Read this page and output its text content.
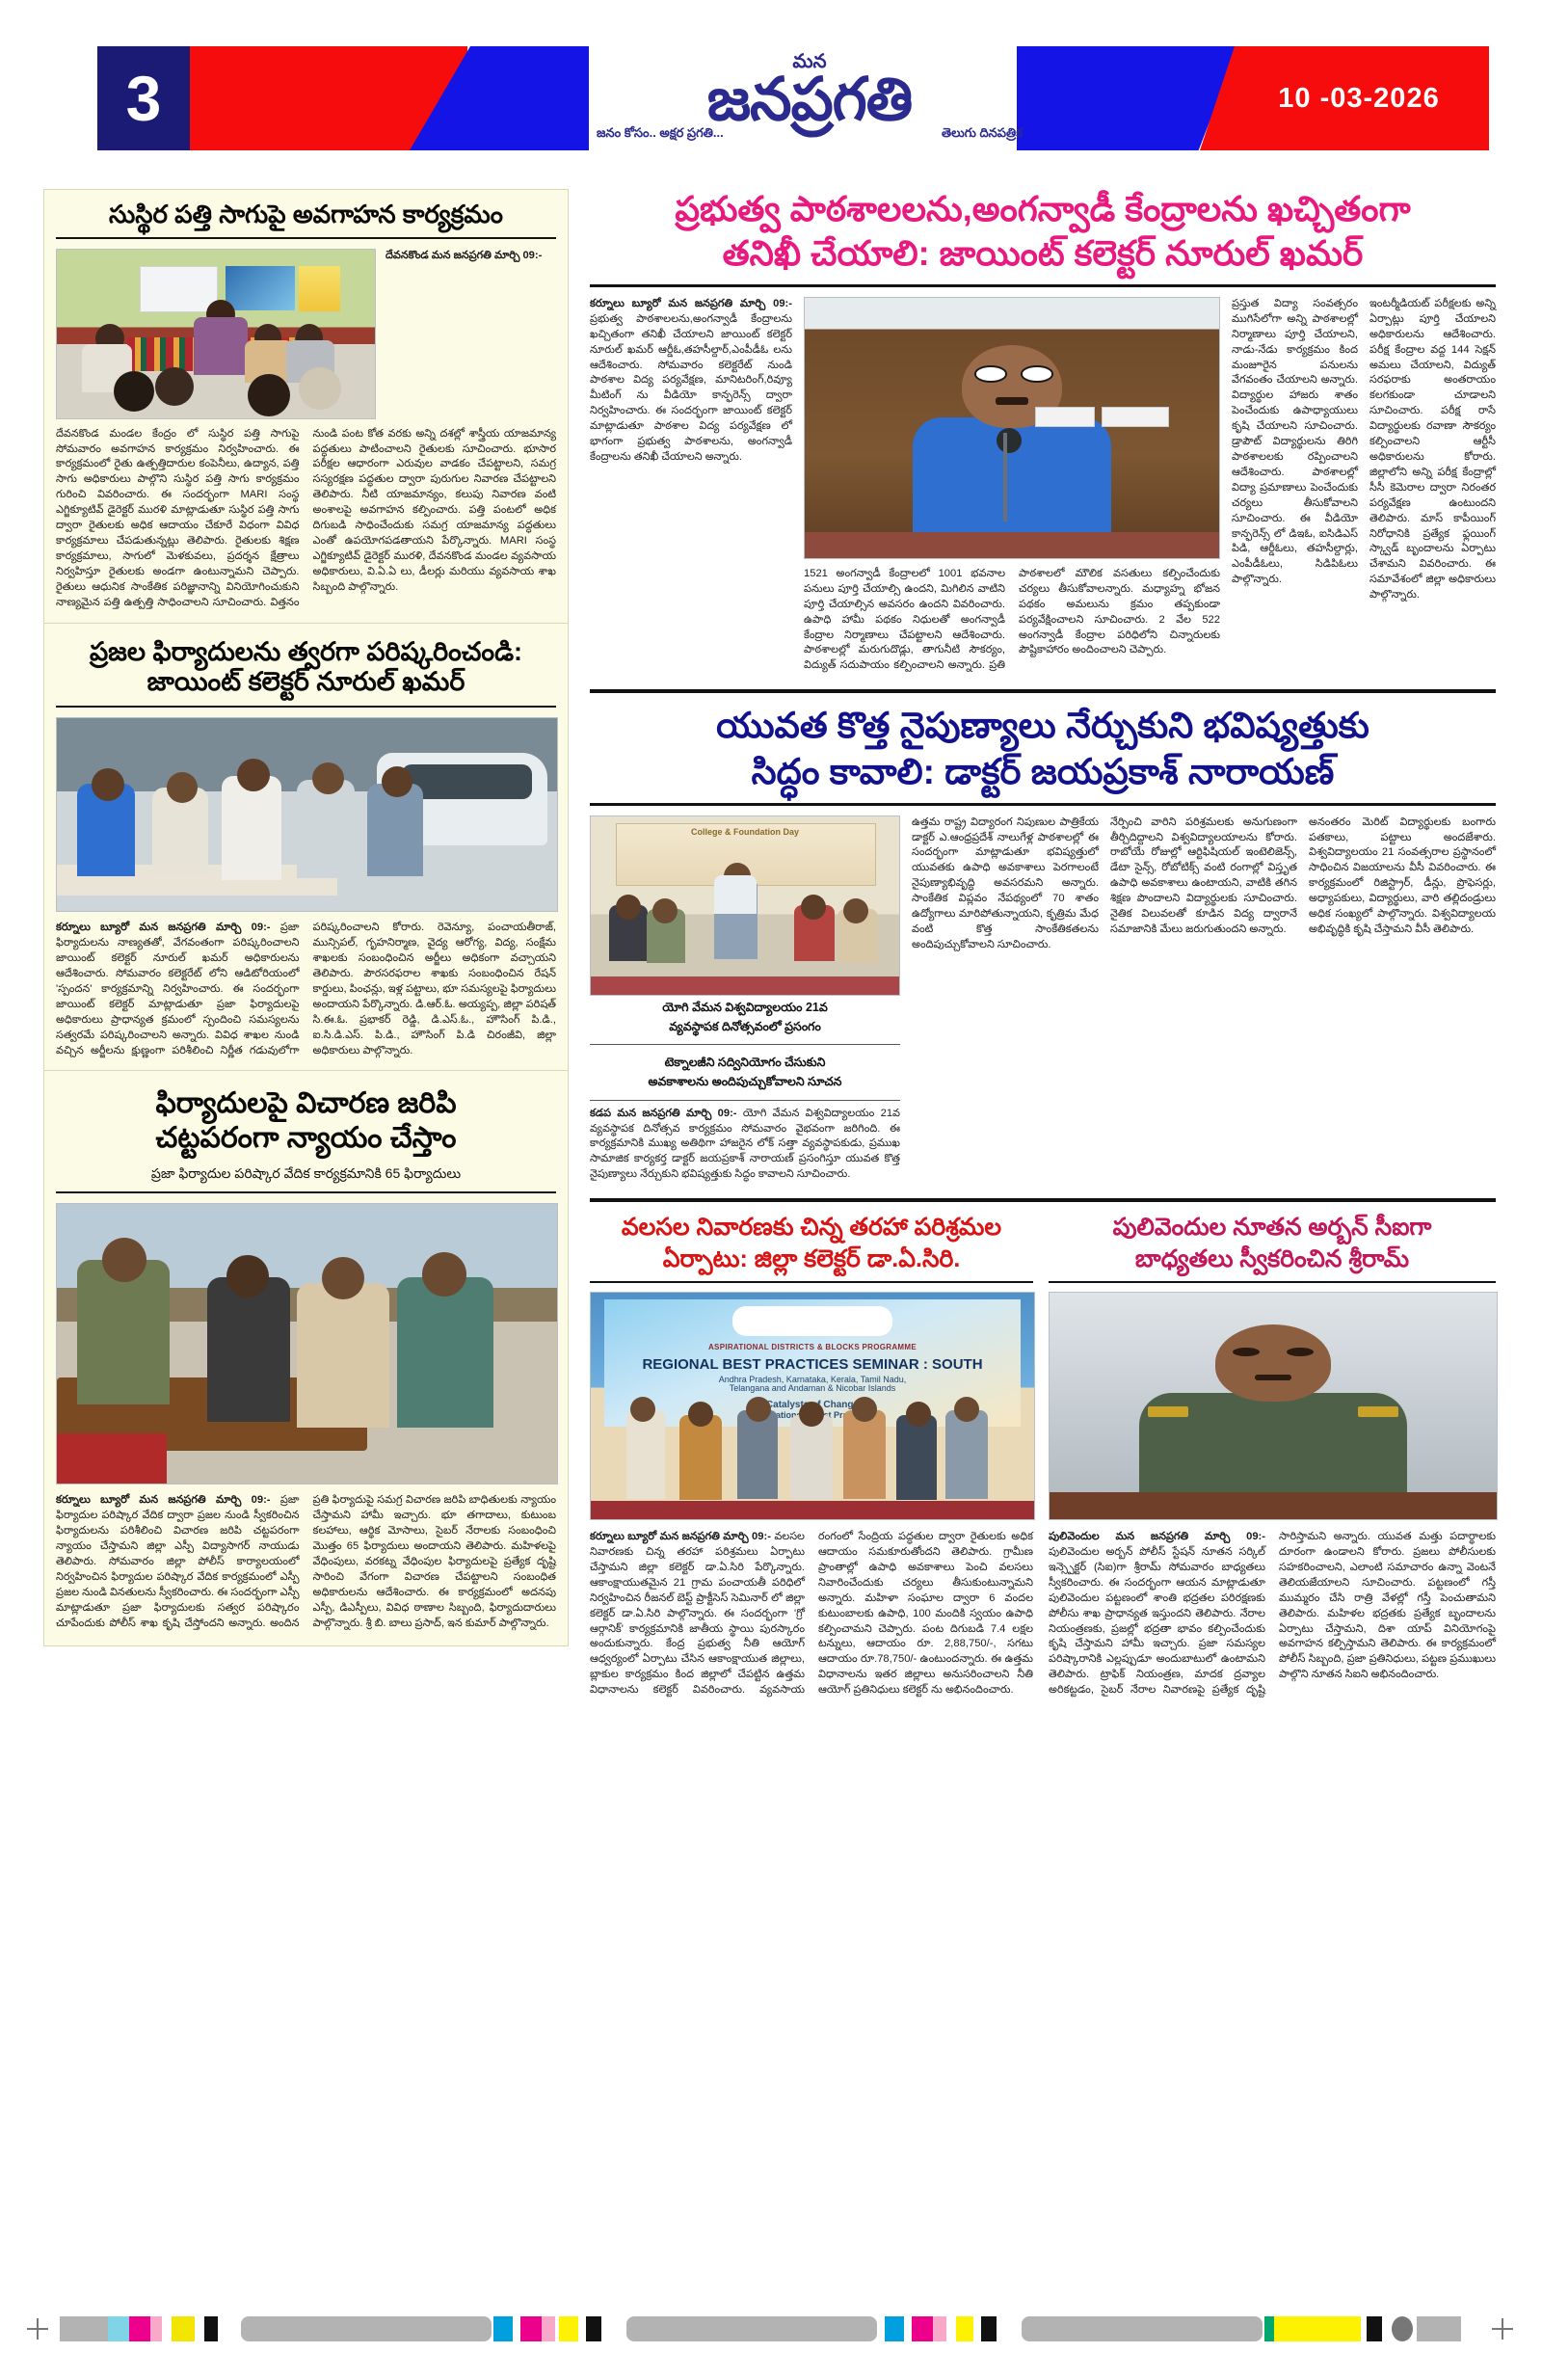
3
మన
జనప్రగతి
జనం కోసం.. అక్షర ప్రగతి...	తెలుగు దినపత్రిక
10 -03-2026
సుస్థిర పత్తి సాగుపై అవగాహన కార్యక్రమం
దేవనకొండ మన జనప్రగతి మార్చి 09:-
దేవనకొండ మండల కేంద్రం లో సుస్థిర పత్తి సాగుపై సోమవారం అవగాహన కార్యక్రమం నిర్వహించారు. ఈ కార్యక్రమంలో రైతు ఉత్పత్తిదారుల కంపెనీలు, ఉద్యాన, పత్తి సాగు అధికారులు పాల్గొని సుస్థిర పత్తి సాగు కార్యక్రమం గురించి వివరించారు. ఈ సందర్భంగా MARI సంస్థ ఎగ్జిక్యూటివ్ డైరెక్టర్ మురళి మాట్లాడుతూ సుస్థిర పత్తి సాగు ద్వారా రైతులకు అధిక ఆదాయం చేకూరే విధంగా వివిధ కార్యక్రమాలు చేపడుతున్నట్లు తెలిపారు. రైతులకు శిక్షణ కార్యక్రమాలు, సాగులో మెళకువలు, ప్రదర్శన క్షేత్రాలు నిర్వహిస్తూ రైతులకు అండగా ఉంటున్నామని చెప్పారు. రైతులు ఆధునిక సాంకేతిక పరిజ్ఞానాన్ని వినియోగించుకుని నాణ్యమైన పత్తి ఉత్పత్తి సాధించాలని సూచించారు. విత్తనం నుండి పంట కోత వరకు అన్ని దశల్లో శాస్త్రీయ యాజమాన్య పద్ధతులు పాటించాలని రైతులకు సూచించారు. భూసార పరీక్షల ఆధారంగా ఎరువుల వాడకం చేపట్టాలని, సమగ్ర సస్యరక్షణ పద్ధతుల ద్వారా పురుగుల నివారణ చేపట్టాలని తెలిపారు. నీటి యాజమాన్యం, కలుపు నివారణ వంటి అంశాలపై అవగాహన కల్పించారు. పత్తి పంటలో అధిక దిగుబడి సాధించేందుకు సమగ్ర యాజమాన్య పద్ధతులు ఎంతో ఉపయోగపడతాయని పేర్కొన్నారు. MARI సంస్థ ఎగ్జిక్యూటివ్ డైరెక్టర్ మురళి, దేవనకొండ మండల వ్యవసాయ అధికారులు, వి.ఏ.ఏ లు, డీలర్లు మరియు వ్యవసాయ శాఖ సిబ్బంది పాల్గొన్నారు.
ప్రజల ఫిర్యాదులను త్వరగా పరిష్కరించండి:
జాయింట్ కలెక్టర్ నూరుల్ ఖమర్
కర్నూలు బ్యూరో మన జనప్రగతి మార్చి 09:- ప్రజా ఫిర్యాదులను నాణ్యతతో, వేగవంతంగా పరిష్కరించాలని జాయింట్ కలెక్టర్ నూరుల్ ఖమర్ అధికారులను ఆదేశించారు. సోమవారం కలెక్టరేట్ లోని ఆడిటోరియంలో 'స్పందన' కార్యక్రమాన్ని నిర్వహించారు. ఈ సందర్భంగా జాయింట్ కలెక్టర్ మాట్లాడుతూ ప్రజా ఫిర్యాదులపై అధికారులు ప్రాధాన్యత క్రమంలో స్పందించి సమస్యలను సత్వరమే పరిష్కరించాలని అన్నారు. వివిధ శాఖల నుండి వచ్చిన అర్జీలను క్షుణ్ణంగా పరిశీలించి నిర్ణీత గడువులోగా పరిష్కరించాలని కోరారు. రెవెన్యూ, పంచాయతీరాజ్, మున్సిపల్, గృహనిర్మాణ, వైద్య ఆరోగ్య, విద్య, సంక్షేమ శాఖలకు సంబంధించిన అర్జీలు అధికంగా వచ్చాయని తెలిపారు. పౌరసరఫరాల శాఖకు సంబంధించిన రేషన్ కార్డులు, పింఛన్లు, ఇళ్ల పట్టాలు, భూ సమస్యలపై ఫిర్యాదులు అందాయని పేర్కొన్నారు. డి.ఆర్.ఓ. అయ్యప్ప, జిల్లా పరిషత్ సి.ఈ.ఓ. ప్రభాకర్ రెడ్డి, డి.ఎస్.ఓ., హౌసింగ్ పి.డి., ఐ.సి.డి.ఎస్. పి.డి., హౌసింగ్ పి.డి చిరంజీవి, జిల్లా అధికారులు పాల్గొన్నారు.
ఫిర్యాదులపై విచారణ జరిపి
చట్టపరంగా న్యాయం చేస్తాం
ప్రజా ఫిర్యాదుల పరిష్కార వేదిక కార్యక్రమానికి 65 ఫిర్యాదులు
కర్నూలు బ్యూరో మన జనప్రగతి మార్చి 09:- ప్రజా ఫిర్యాదుల పరిష్కార వేదిక ద్వారా ప్రజల నుండి స్వీకరించిన ఫిర్యాదులను పరిశీలించి విచారణ జరిపి చట్టపరంగా న్యాయం చేస్తామని జిల్లా ఎస్పీ విద్యాసాగర్ నాయుడు తెలిపారు. సోమవారం జిల్లా పోలీస్ కార్యాలయంలో నిర్వహించిన ఫిర్యాదుల పరిష్కార వేదిక కార్యక్రమంలో ఎస్పీ ప్రజల నుండి వినతులను స్వీకరించారు. ఈ సందర్భంగా ఎస్పీ మాట్లాడుతూ ప్రజా ఫిర్యాదులకు సత్వర పరిష్కారం చూపేందుకు పోలీస్ శాఖ కృషి చేస్తోందని అన్నారు. అందిన ప్రతి ఫిర్యాదుపై సమగ్ర విచారణ జరిపి బాధితులకు న్యాయం చేస్తామని హామీ ఇచ్చారు. భూ తగాదాలు, కుటుంబ కలహాలు, ఆర్థిక మోసాలు, సైబర్ నేరాలకు సంబంధించి మొత్తం 65 ఫిర్యాదులు అందాయని తెలిపారు. మహిళలపై వేధింపులు, వరకట్న వేధింపుల ఫిర్యాదులపై ప్రత్యేక దృష్టి సారించి వేగంగా విచారణ చేపట్టాలని సంబంధిత అధికారులను ఆదేశించారు. ఈ కార్యక్రమంలో అదనపు ఎస్పీ, డిఎస్పీలు, వివిధ ఠాణాల సిబ్బంది, ఫిర్యాదుదారులు పాల్గొన్నారు. శ్రీ బి. బాలు ప్రసాద్, ఇన కుమార్ పాల్గొన్నారు.
ప్రభుత్వ పాఠశాలలను,అంగన్వాడీ కేంద్రాలను ఖచ్చితంగా
తనిఖీ చేయాలి: జాయింట్ కలెక్టర్ నూరుల్ ఖమర్
కర్నూలు బ్యూరో మన జనప్రగతి మార్చి 09:- ప్రభుత్వ పాఠశాలలను,అంగన్వాడీ కేంద్రాలను ఖచ్చితంగా తనిఖీ చేయాలని జాయింట్ కలెక్టర్ నూరుల్ ఖమర్ ఆర్డీఓ,తహసీల్దార్,ఎంపీడీఓ లను ఆదేశించారు. సోమవారం కలెక్టరేట్ నుండి పాఠశాల విద్య పర్యవేక్షణ, మానిటరింగ్,రివ్యూ మీటింగ్ ను వీడియో కాన్ఫరెన్స్ ద్వారా నిర్వహించారు. ఈ సందర్భంగా జాయింట్ కలెక్టర్ మాట్లాడుతూ పాఠశాల విద్య పర్యవేక్షణ లో భాగంగా ప్రభుత్వ పాఠశాలను, అంగన్వాడీ కేంద్రాలను తనిఖీ చేయాలని అన్నారు.
1521 అంగన్వాడీ కేంద్రాలలో 1001 భవనాల పనులు పూర్తి చేయాల్సి ఉందని, మిగిలిన వాటిని పూర్తి చేయాల్సిన అవసరం ఉందని వివరించారు. ఉపాధి హామీ పథకం నిధులతో అంగన్వాడీ కేంద్రాల నిర్మాణాలు చేపట్టాలని ఆదేశించారు. పాఠశాలల్లో మరుగుదొడ్లు, తాగునీటి సౌకర్యం, విద్యుత్ సదుపాయం కల్పించాలని అన్నారు. ప్రతి పాఠశాలలో మౌలిక వసతులు కల్పించేందుకు చర్యలు తీసుకోవాలన్నారు. మధ్యాహ్న భోజన పథకం అమలును క్రమం తప్పకుండా పర్యవేక్షించాలని సూచించారు. 2 వేల 522 అంగన్వాడీ కేంద్రాల పరిధిలోని చిన్నారులకు పౌష్టికాహారం అందించాలని చెప్పారు.
ప్రస్తుత విద్యా సంవత్సరం ముగిసేలోగా అన్ని పాఠశాలల్లో నిర్మాణాలు పూర్తి చేయాలని, నాడు-నేడు కార్యక్రమం కింద మంజూరైన పనులను వేగవంతం చేయాలని అన్నారు. విద్యార్థుల హాజరు శాతం పెంచేందుకు ఉపాధ్యాయులు కృషి చేయాలని సూచించారు. డ్రాపౌట్ విద్యార్థులను తిరిగి పాఠశాలలకు రప్పించాలని ఆదేశించారు. పాఠశాలల్లో విద్యా ప్రమాణాలు పెంచేందుకు చర్యలు తీసుకోవాలని సూచించారు. ఈ వీడియో కాన్ఫరెన్స్ లో డిఇఓ, ఐసిడిఎస్ పిడి, ఆర్డీఓలు, తహసీల్దార్లు, ఎంపీడీఓలు, సిడిపిఓలు పాల్గొన్నారు.
ఇంటర్మీడియట్ పరీక్షలకు అన్ని ఏర్పాట్లు పూర్తి చేయాలని అధికారులను ఆదేశించారు. పరీక్ష కేంద్రాల వద్ద 144 సెక్షన్ అమలు చేయాలని, విద్యుత్ సరఫరాకు అంతరాయం కలగకుండా చూడాలని సూచించారు. పరీక్ష రాసే విద్యార్థులకు రవాణా సౌకర్యం కల్పించాలని ఆర్టీసీ అధికారులను కోరారు. జిల్లాలోని అన్ని పరీక్ష కేంద్రాల్లో సీసీ కెమెరాల ద్వారా నిరంతర పర్యవేక్షణ ఉంటుందని తెలిపారు. మాస్ కాపీయింగ్ నిరోధానికి ప్రత్యేక ఫ్లయింగ్ స్క్వాడ్ బృందాలను ఏర్పాటు చేశామని వివరించారు. ఈ సమావేశంలో జిల్లా అధికారులు పాల్గొన్నారు.
యువత కొత్త నైపుణ్యాలు నేర్చుకుని భవిష్యత్తుకు
సిద్ధం కావాలి: డాక్టర్ జయప్రకాశ్ నారాయణ్
College & Foundation Day
యోగి వేమన విశ్వవిద్యాలయం 21వ
వ్యవస్థాపక దినోత్సవంలో ప్రసంగం
టెక్నాలజీని సద్వినియోగం చేసుకుని
అవకాశాలను అందిపుచ్చుకోవాలని సూచన
కడప మన జనప్రగతి మార్చి 09:- యోగి వేమన విశ్వవిద్యాలయం 21వ వ్యవస్థాపక దినోత్సవ కార్యక్రమం సోమవారం వైభవంగా జరిగింది. ఈ కార్యక్రమానికి ముఖ్య అతిథిగా హాజరైన లోక్ సత్తా వ్యవస్థాపకుడు, ప్రముఖ సామాజిక కార్యకర్త డాక్టర్ జయప్రకాశ్ నారాయణ్ ప్రసంగిస్తూ యువత కొత్త నైపుణ్యాలు నేర్చుకుని భవిష్యత్తుకు సిద్ధం కావాలని సూచించారు.
ఉత్తమ రాష్ట్ర విద్యారంగ నిపుణుల పాత్రికేయ డాక్టర్ ఎ.ఆంధ్రప్రదేశ్ నాలుగేళ్ల పాఠశాలల్లో ఈ సందర్భంగా మాట్లాడుతూ భవిష్యత్తులో యువతకు ఉపాధి అవకాశాలు పెరగాలంటే నైపుణ్యాభివృద్ధి అవసరమని అన్నారు. సాంకేతిక విప్లవం నేపథ్యంలో 70 శాతం ఉద్యోగాలు మారిపోతున్నాయని, కృత్రిమ మేధ వంటి కొత్త సాంకేతికతలను అందిపుచ్చుకోవాలని సూచించారు.
నేర్పించి వారిని పరిశ్రమలకు అనుగుణంగా తీర్చిదిద్దాలని విశ్వవిద్యాలయాలను కోరారు. రాబోయే రోజుల్లో ఆర్టిఫిషియల్ ఇంటెలిజెన్స్, డేటా సైన్స్, రోబోటిక్స్ వంటి రంగాల్లో విస్తృత ఉపాధి అవకాశాలు ఉంటాయని, వాటికి తగిన శిక్షణ పొందాలని విద్యార్థులకు సూచించారు. నైతిక విలువలతో కూడిన విద్య ద్వారానే సమాజానికి మేలు జరుగుతుందని అన్నారు.
అనంతరం మెరిట్ విద్యార్థులకు బంగారు పతకాలు, పట్టాలు అందజేశారు. విశ్వవిద్యాలయం 21 సంవత్సరాల ప్రస్థానంలో సాధించిన విజయాలను వీసీ వివరించారు. ఈ కార్యక్రమంలో రిజిస్ట్రార్, డీన్లు, ప్రొఫెసర్లు, అధ్యాపకులు, విద్యార్థులు, వారి తల్లిదండ్రులు అధిక సంఖ్యలో పాల్గొన్నారు. విశ్వవిద్యాలయ అభివృద్ధికి కృషి చేస్తామని వీసీ తెలిపారు.
వలసల నివారణకు చిన్న తరహా పరిశ్రమల
ఏర్పాటు: జిల్లా కలెక్టర్ డా.ఏ.సిరి.
ASPIRATIONAL DISTRICTS & BLOCKS PROGRAMME
REGIONAL BEST PRACTICES SEMINAR : SOUTH
Andhra Pradesh, Karnataka, Kerala, Tamil Nadu,
Telangana and Andaman & Nicobar Islands
Catalysts Change
కర్నూలు బ్యూరో మన జనప్రగతి మార్చి 09:- వలసల నివారణకు చిన్న తరహా పరిశ్రమలు ఏర్పాటు చేస్తామని జిల్లా కలెక్టర్ డా.ఏ.సిరి పేర్కొన్నారు. ఆకాంక్షాయుతమైన 21 గ్రామ పంచాయతీ పరిధిలో నిర్వహించిన రీజనల్ బెస్ట్ ప్రాక్టీసెస్ సెమినార్ లో జిల్లా కలెక్టర్ డా.ఏ.సిరి పాల్గొన్నారు. ఈ సందర్భంగా 'గ్రో ఆర్గానిక్' కార్యక్రమానికి జాతీయ స్థాయి పురస్కారం అందుకున్నారు. కేంద్ర ప్రభుత్వ నీతి ఆయోగ్ ఆధ్వర్యంలో ఏర్పాటు చేసిన ఆకాంక్షాయుత జిల్లాలు, బ్లాకుల కార్యక్రమం కింద జిల్లాలో చేపట్టిన ఉత్తమ విధానాలను కలెక్టర్ వివరించారు. వ్యవసాయ రంగంలో సేంద్రియ పద్ధతుల ద్వారా రైతులకు అధిక ఆదాయం సమకూరుతోందని తెలిపారు. గ్రామీణ ప్రాంతాల్లో ఉపాధి అవకాశాలు పెంచి వలసలు నివారించేందుకు చర్యలు తీసుకుంటున్నామని అన్నారు. మహిళా సంఘాల ద్వారా 6 వందల కుటుంబాలకు ఉపాధి, 100 మందికి స్వయం ఉపాధి కల్పించామని చెప్పారు. పంట దిగుబడి 7.4 లక్షల టన్నులు, ఆదాయం రూ. 2,88,750/-, సగటు ఆదాయం రూ.78,750/- ఉంటుందన్నారు. ఈ ఉత్తమ విధానాలను ఇతర జిల్లాలు అనుసరించాలని నీతి ఆయోగ్ ప్రతినిధులు కలెక్టర్ ను అభినందించారు.
పులివెందుల నూతన అర్బన్ సీఐగా
బాధ్యతలు స్వీకరించిన శ్రీరామ్
పులివెందుల మన జనప్రగతి మార్చి 09:- పులివెందుల అర్బన్ పోలీస్ స్టేషన్ నూతన సర్కిల్ ఇన్స్పెక్టర్ (సిఐ)గా శ్రీరామ్ సోమవారం బాధ్యతలు స్వీకరించారు. ఈ సందర్భంగా ఆయన మాట్లాడుతూ పులివెందుల పట్టణంలో శాంతి భద్రతల పరిరక్షణకు పోలీసు శాఖ ప్రాధాన్యత ఇస్తుందని తెలిపారు. నేరాల నియంత్రణకు, ప్రజల్లో భద్రతా భావం కల్పించేందుకు కృషి చేస్తామని హామీ ఇచ్చారు. ప్రజా సమస్యల పరిష్కారానికి ఎల్లప్పుడూ అందుబాటులో ఉంటామని తెలిపారు. ట్రాఫిక్ నియంత్రణ, మాదక ద్రవ్యాల అరికట్టడం, సైబర్ నేరాల నివారణపై ప్రత్యేక దృష్టి సారిస్తామని అన్నారు. యువత మత్తు పదార్థాలకు దూరంగా ఉండాలని కోరారు. ప్రజలు పోలీసులకు సహకరించాలని, ఎలాంటి సమాచారం ఉన్నా వెంటనే తెలియజేయాలని సూచించారు. పట్టణంలో గస్తీ ముమ్మరం చేసి రాత్రి వేళల్లో గస్తీ పెంచుతామని తెలిపారు. మహిళల భద్రతకు ప్రత్యేక బృందాలను ఏర్పాటు చేస్తామని, దిశా యాప్ వినియోగంపై అవగాహన కల్పిస్తామని తెలిపారు. ఈ కార్యక్రమంలో పోలీస్ సిబ్బంది, ప్రజా ప్రతినిధులు, పట్టణ ప్రముఖులు పాల్గొని నూతన సిఐని అభినందించారు.
